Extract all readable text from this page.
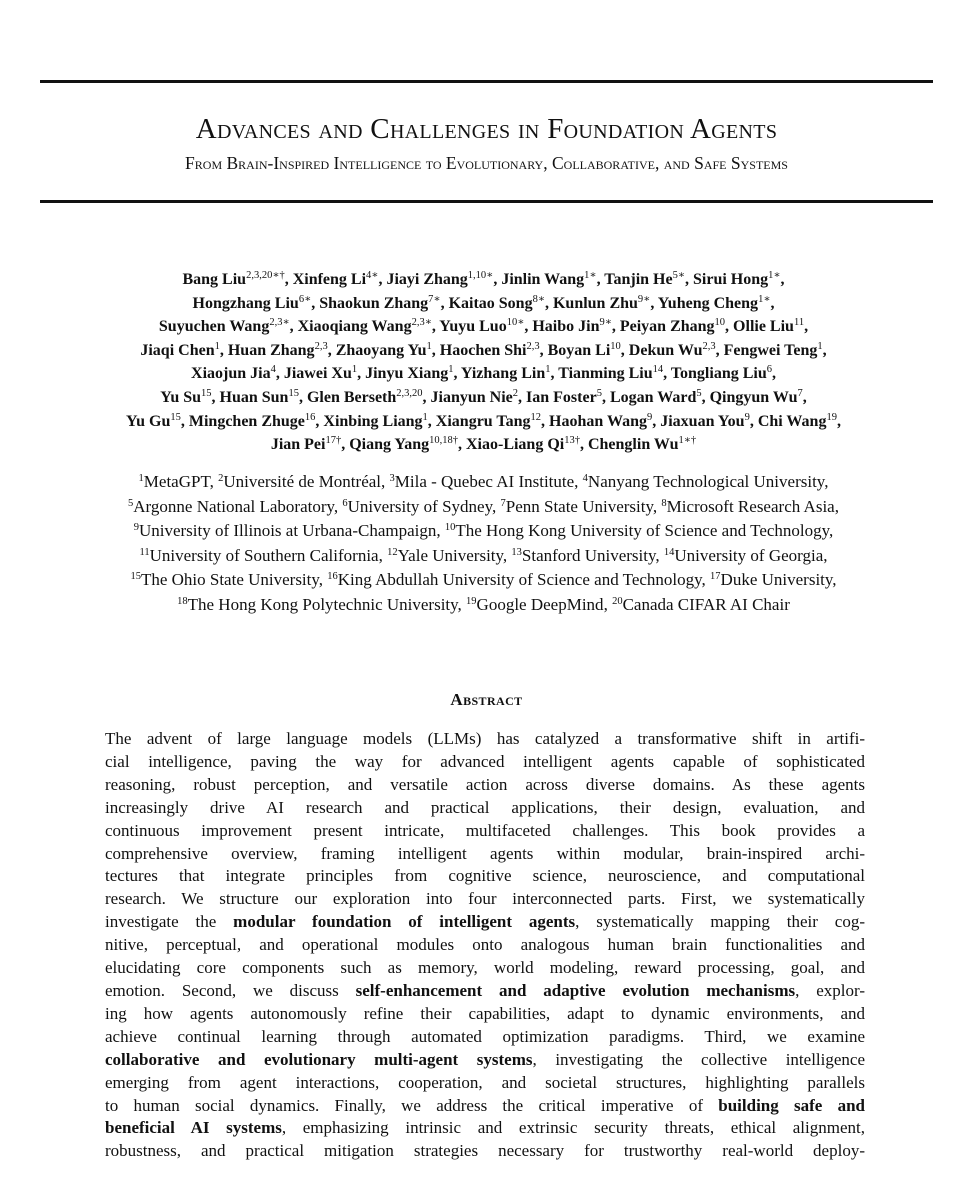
Advances and Challenges in Foundation Agents
From Brain-Inspired Intelligence to Evolutionary, Collaborative, and Safe Systems
Bang Liu$^{2,3,20∗\dagger}$, Xinfeng $Li^{4∗}$, Jiayi Zhang$^{1,10∗}$, Jinlin Wang$^{1∗}$, Tanjin $He^{5∗}$, Sirui Hong$^{1∗}$,
Hongzhang Liu$^{6∗}$, Shaokun Zhang$^{7∗}$, Kaitao Song$^{8∗}$, Kunlun Zhu$^{9∗}$, Yuheng Cheng$^{1∗}$,
Suyuchen Wang$^{2,3∗}$, Xiaoqiang Wang$^{2,3∗}$, Yuyu Luo$^{10∗}$, Haibo Jin$^{9∗}$, Peiyan Zhang$^{10}$, Ollie Liu$^{11}$,
Jiaqi Chen$^1$, Huan Zhang$^{2,3}$, Zhaoyang Yu$^1$, Haochen Shi$^{2,3}$, Boyan Li$^{10}$, Dekun Wu$^{2,3}$, Fengwei Teng$^1$,
Xiaojun Jia$^4$, Jiawei Xu$^1$, Jinyu Xiang$^1$, Yizhang Lin$^1$, Tianming Liu$^{14}$, Tongliang Liu$^6$,
Yu Su$^{15}$, Huan Sun$^{15}$, Glen Berseth$^{2,3,20}$, Jianyun Nie$^2$, Ian Foster$^5$, Logan Ward$^5$, Qingyun Wu$^7$,
Yu Gu$^{15}$, Mingchen Zhuge$^{16}$, Xinbing Liang$^1$, Xiangru Tang$^{12}$, Haohan Wang$^9$, Jiaxuan You$^9$, Chi Wang$^{19}$,
Jian Pei$^{17\dagger}$, Qiang Yang$^{10,18\dagger}$, Xiao-Liang $Qi^{13\dagger}$, Chenglin $Wu^{1∗\dagger}$
$^1$MetaGPT, $^2$Université de Montréal, $^3$Mila - Quebec AI Institute, $^4$Nanyang Technological University,
$^5$Argonne National Laboratory, $^6$University of Sydney, $^7$Penn State University, $^8$Microsoft Research Asia,
$^9$University of Illinois at Urbana-Champaign, $^{10}$The Hong Kong University of Science and Technology,
$^{11}$University of Southern California, $^{12}$Yale University, $^{13}$Stanford University, $^{14}$University of Georgia,
$^{15}$The Ohio State University, $^{16}$King Abdullah University of Science and Technology, $^{17}$Duke University,
$^{18}$The Hong Kong Polytechnic University, $^{19}$Google DeepMind, $^{20}$Canada CIFAR AI Chair
Abstract
The advent of large language models (LLMs) has catalyzed a transformative shift in artifi-
cial intelligence, paving the way for advanced intelligent agents capable of sophisticated
reasoning, robust perception, and versatile action across diverse domains. As these agents
increasingly drive AI research and practical applications, their design, evaluation, and
continuous improvement present intricate, multifaceted challenges. This book provides a
comprehensive overview, framing intelligent agents within modular, brain-inspired archi-
tectures that integrate principles from cognitive science, neuroscience, and computational
research. We structure our exploration into four interconnected parts. First, we systematically
investigate the modular foundation of intelligent agents, systematically mapping their cog-
nitive, perceptual, and operational modules onto analogous human brain functionalities and
elucidating core components such as memory, world modeling, reward processing, goal, and
emotion. Second, we discuss self-enhancement and adaptive evolution mechanisms, explor-
ing how agents autonomously refine their capabilities, adapt to dynamic environments, and
achieve continual learning through automated optimization paradigms. Third, we examine
collaborative and evolutionary multi-agent systems, investigating the collective intelligence
emerging from agent interactions, cooperation, and societal structures, highlighting parallels
to human social dynamics. Finally, we address the critical imperative of building safe and
beneficial AI systems, emphasizing intrinsic and extrinsic security threats, ethical alignment,
robustness, and practical mitigation strategies necessary for trustworthy real-world deploy-
